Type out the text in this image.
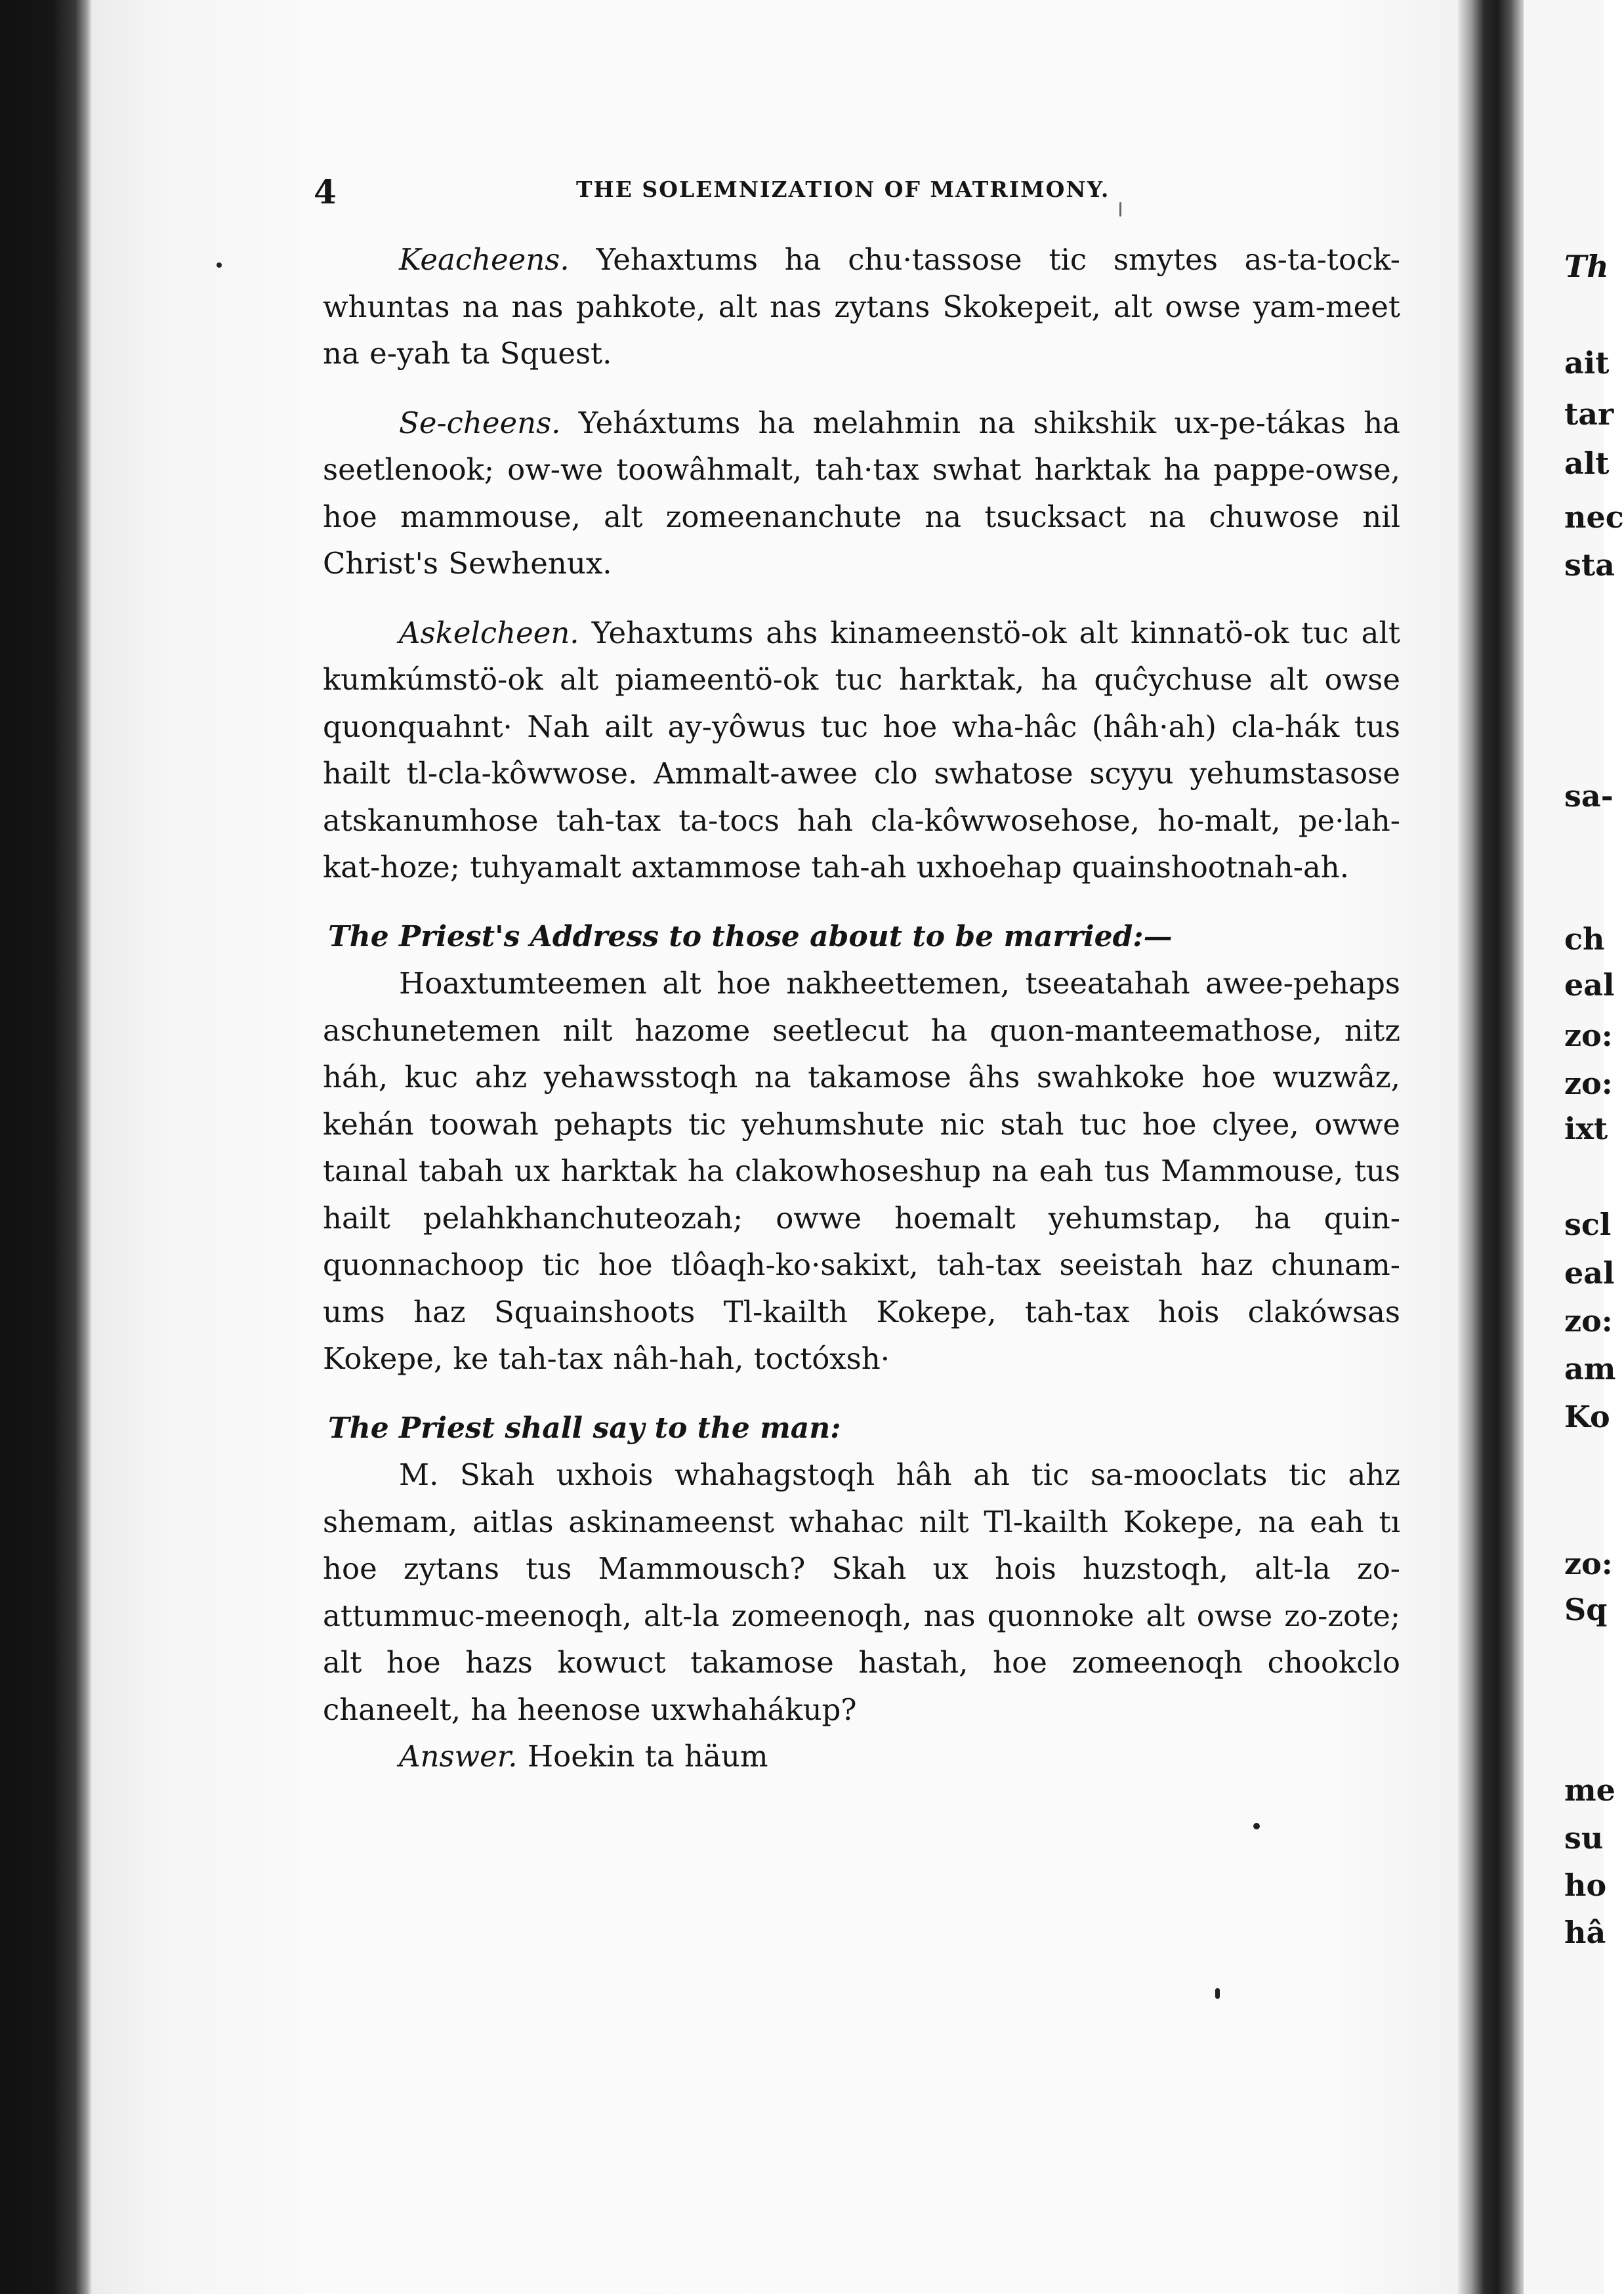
4	THE SOLEMNIZATION OF MATRIMONY.

Keacheens. Yehaxtums ha chu·tassose tic smytes as-ta-tock-whuntas na nas pahkote, alt nas zytans Skokepeit, alt owse yam-meet na e-yah ta Squest.

Se-cheens. Yeháxtums ha melahmin na shikshik ux-pe-tákas ha seetlenook; ow-we toowâhmalt, tah·tax swhat harktak ha pappe-owse, hoe mammouse, alt zomeenanchute na tsucksact na chuwose nil Christ's Sewhenux.

Askelcheen. Yehaxtums ahs kinameenstö-ok alt kinnatö-ok tuc alt kumkúmstö-ok alt piameentö-ok tuc harktak, ha quĉychuse alt owse quonquahnt· Nah ailt ay-yôwus tuc hoe wha-hâc (hâh·ah) cla-hák tus hailt tl-cla-kôwwose. Ammalt-awee clo swhatose scyyu yehumstasose atskanumhose tah-tax ta-tocs hah cla-kôwwosehose, ho-malt, pe·lah-kat-hoze; tuhyamalt axtammose tah-ah uxhoehap quainshootnah-ah.

The Priest's Address to those about to be married:—

Hoaxtumteemen alt hoe nakheettemen, tseeatahah awee-pehaps aschunetemen nilt hazome seetlecut ha quon-manteemathose, nitz háh, kuc ahz yehawsstoqh na takamose âhs swahkoke hoe wuzwâz, kehán toowah pehapts tic yehumshute nic stah tuc hoe clyee, owwe taınal tabah ux harktak ha clakowhoseshup na eah tus Mammouse, tus hailt pelahkhanchuteozah; owwe hoemalt yehumstap, ha quin-quonnachoop tic hoe tlôaqh-ko·sakixt, tah-tax seeistah haz chunam-ums haz Squainshoots Tl-kailth Kokepe, tah-tax hois clakówsas Kokepe, ke tah-tax nâh-hah, toctóxsh·

The Priest shall say to the man:

M. Skah uxhois whahagstoqh hâh ah tic sa-mooclats tic ahz shemam, aitlas askinameenst whahac nilt Tl-kailth Kokepe, na eah tı hoe zytans tus Mammousch? Skah ux hois huzstoqh, alt-la zo-attummuc-meenoqh, alt-la zomeenoqh, nas quonnoke alt owse zo-zote; alt hoe hazs kowuct takamose hastah, hoe zomeenoqh chookclo chaneelt, ha heenose uxwhahákup?

Answer. Hoekin ta häum

Th

ait

tar

alt

nec

sta

sa-

ch

eal

zo:

zo:

ixt

scl

eal

zo:

am

Ko

zo:

Sq

me

su

ho

hâ
